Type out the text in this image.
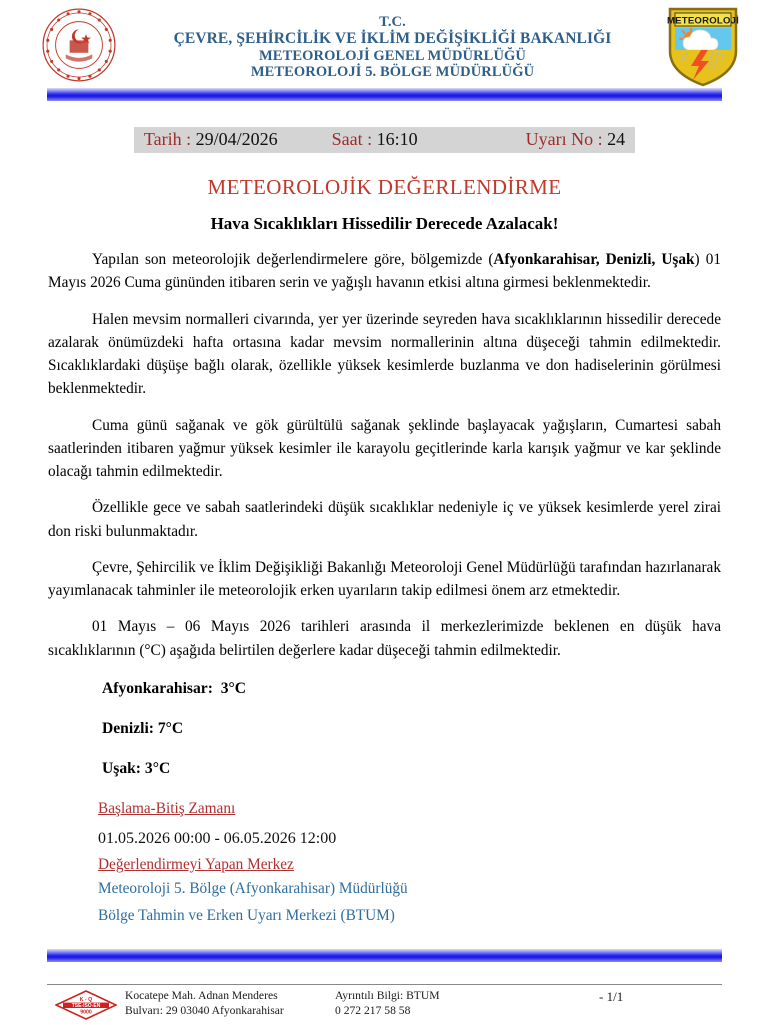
T.C.
ÇEVRE, ŞEHİRCİLİK VE İKLİM DEĞİŞİKLİĞİ BAKANLIĞI
METEOROLOJİ GENEL MÜDÜRLÜĞÜ
METEOROLOJİ 5. BÖLGE MÜDÜRLÜĞÜ
METEOROLOJİ
Tarih : 29/04/2026	Saat : 16:10	Uyarı No : 24
METEOROLOJİK DEĞERLENDİRME
Hava Sıcaklıkları Hissedilir Derecede Azalacak!

Yapılan son meteorolojik değerlendirmelere göre, bölgemizde (Afyonkarahisar, Denizli, Uşak) 01 Mayıs 2026 Cuma gününden itibaren serin ve yağışlı havanın etkisi altına girmesi beklenmektedir.

Halen mevsim normalleri civarında, yer yer üzerinde seyreden hava sıcaklıklarının hissedilir derecede azalarak önümüzdeki hafta ortasına kadar mevsim normallerinin altına düşeceği tahmin edilmektedir. Sıcaklıklardaki düşüşe bağlı olarak, özellikle yüksek kesimlerde buzlanma ve don hadiselerinin görülmesi beklenmektedir.

Cuma günü sağanak ve gök gürültülü sağanak şeklinde başlayacak yağışların, Cumartesi sabah saatlerinden itibaren yağmur yüksek kesimler ile karayolu geçitlerinde karla karışık yağmur ve kar şeklinde olacağı tahmin edilmektedir.

Özellikle gece ve sabah saatlerindeki düşük sıcaklıklar nedeniyle iç ve yüksek kesimlerde yerel zirai don riski bulunmaktadır.

Çevre, Şehircilik ve İklim Değişikliği Bakanlığı Meteoroloji Genel Müdürlüğü tarafından hazırlanarak yayımlanacak tahminler ile meteorolojik erken uyarıların takip edilmesi önem arz etmektedir.

01 Mayıs – 06 Mayıs 2026 tarihleri arasında il merkezlerimizde beklenen en düşük hava sıcaklıklarının (°C) aşağıda belirtilen değerlere kadar düşeceği tahmin edilmektedir.

Afyonkarahisar: 3°C
Denizli: 7°C
Uşak: 3°C
Başlama-Bitiş Zamanı
01.05.2026 00:00 - 06.05.2026 12:00
Değerlendirmeyi Yapan Merkez
Meteoroloji 5. Bölge (Afyonkarahisar) Müdürlüğü
Bölge Tahmin ve Erken Uyarı Merkezi (BTUM)
K - Q
TSE-ISO-EN
9000
Kocatepe Mah. Adnan Menderes
Bulvarı: 29 03040 Afyonkarahisar
Ayrıntılı Bilgi: BTUM
0 272 217 58 58
- 1/1
